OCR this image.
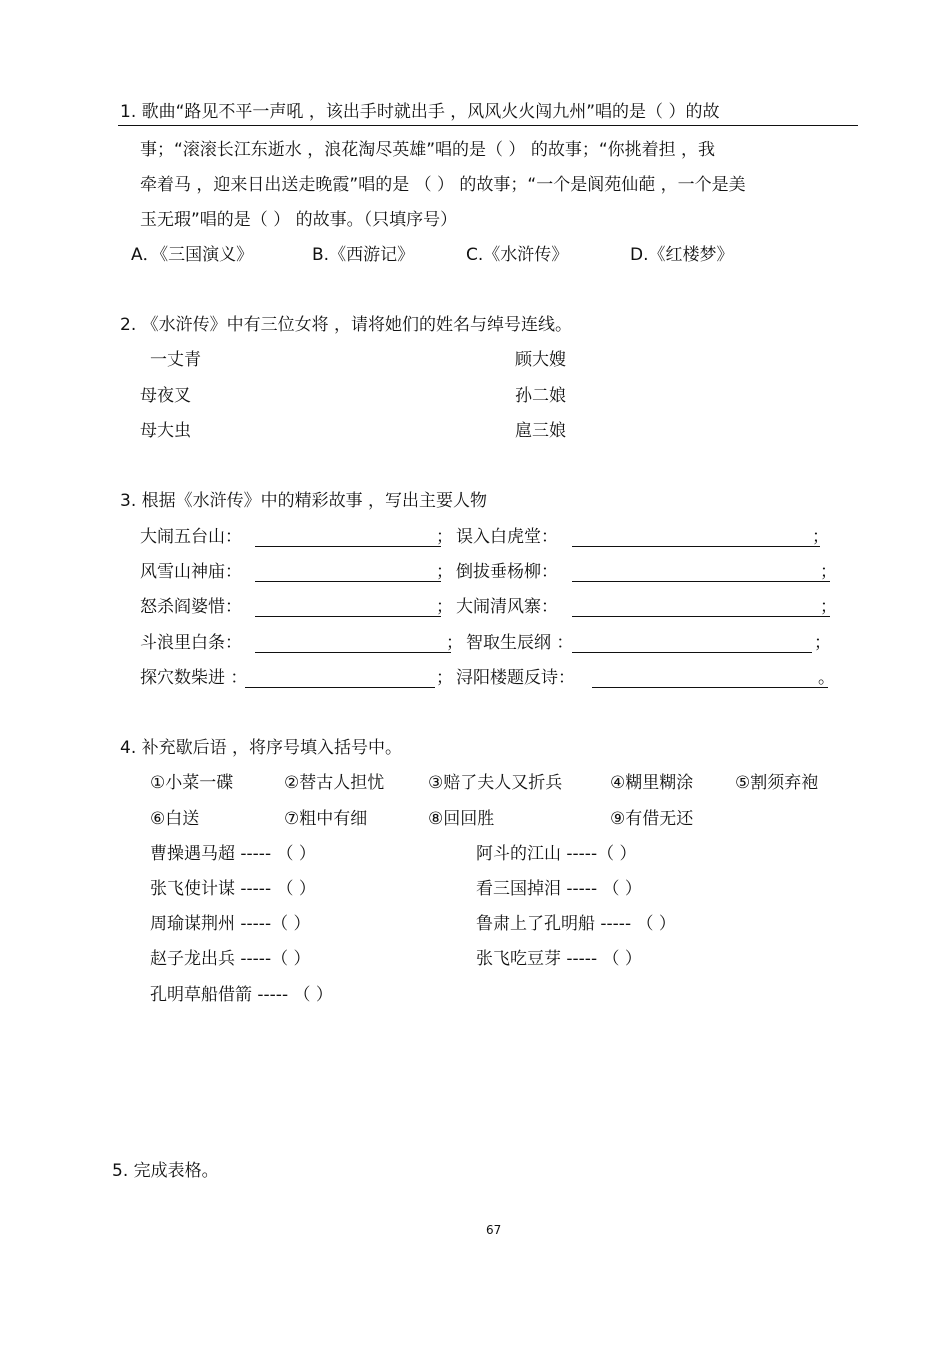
1. 歌曲“路见不平一声吼 ，该出手时就出手 ，风风火火闯九州”唱的是（ ）的故
事；“滚滚长江东逝水 ，浪花淘尽英雄”唱的是（ ） 的故事；“你挑着担 ，我
牵着马 ，迎来日出送走晚霞”唱的是 （ ） 的故事；“一个是阆苑仙葩 ，一个是美
玉无瑕”唱的是（ ） 的故事。（只填序号）
A．《三国演义》	B.《西游记》	C.《水浒传》	D.《红楼梦》
2. 《水浒传》中有三位女将 ，请将她们的姓名与绰号连线。
一丈青	顾大嫂
母夜叉	孙二娘
母大虫	扈三娘
3. 根据《水浒传》中的精彩故事 ，写出主要人物
大闹五台山：	； 误入白虎堂：	；
风雪山神庙：	； 倒拔垂杨柳：	；
怒杀阎婆惜：	； 大闹清风寨：	；
斗浪里白条：	； 智取生辰纲 ：	；
探穴数柴进 ：	； 浔阳楼题反诗：	。
4. 补充歇后语 ，将序号填入括号中。
①小菜一碟	②替古人担忧	③赔了夫人又折兵	④糊里糊涂 ⑤割须弃袍
⑥白送	⑦粗中有细	⑧回回胜	⑨有借无还
曹操遇马超 ----- （ ）	阿斗的江山 -----（ ）
张飞使计谋 ----- （ ）	看三国掉泪 ----- （ ）
周瑜谋荆州 -----（ ）	鲁肃上了孔明船 ----- （ ）
赵子龙出兵 -----（ ）	张飞吃豆芽 ----- （ ）
孔明草船借箭 ----- （ ）
5. 完成表格。
67
